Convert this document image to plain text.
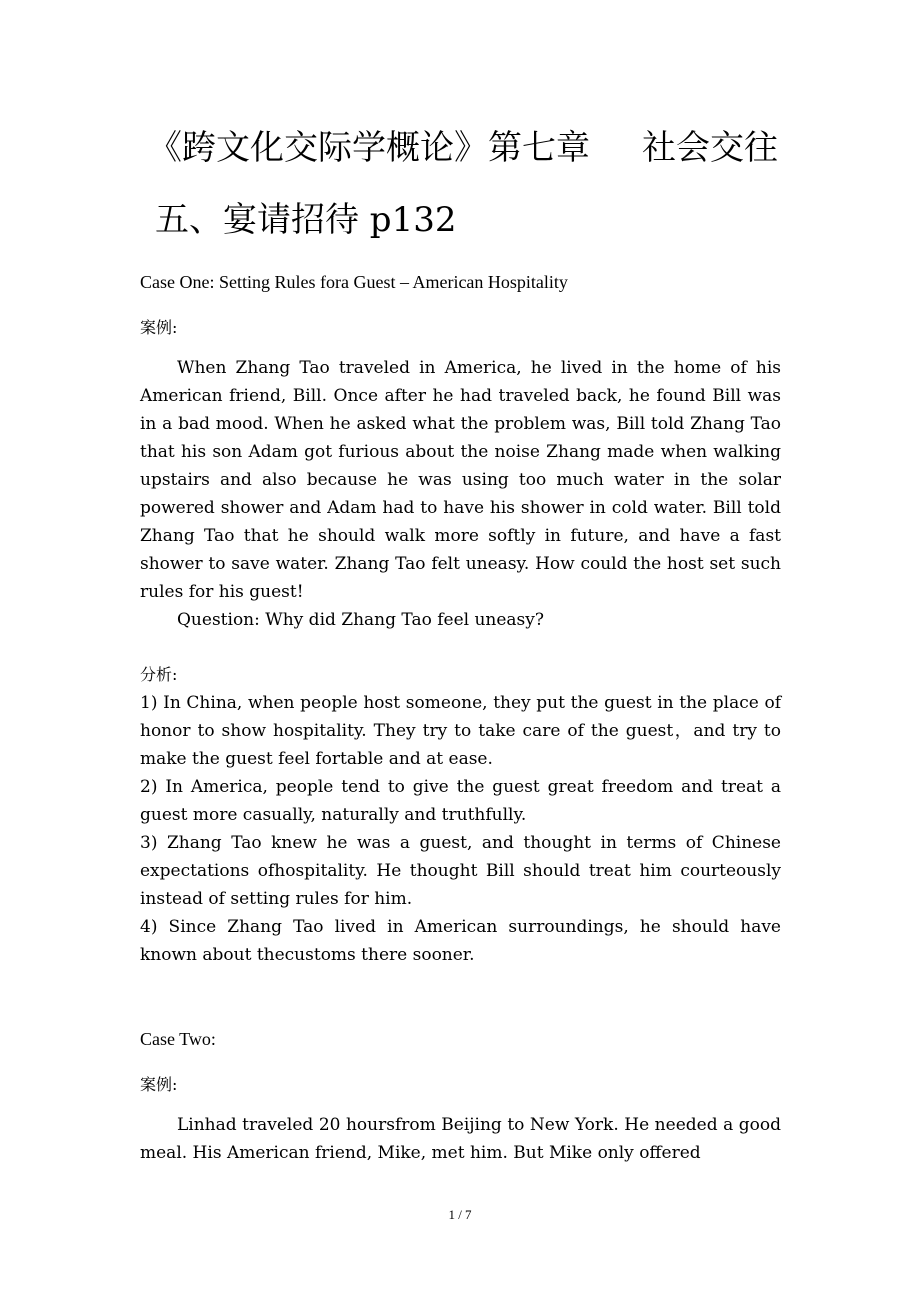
《跨文化交际学概论》第七章 社会交往
五、宴请招待 p132
Case One: Setting Rules fora Guest – American Hospitality
案例:

When Zhang Tao traveled in America, he lived in the home of his American friend, Bill. Once after he had traveled back, he found Bill was in a bad mood. When he asked what the problem was, Bill told Zhang Tao that his son Adam got furious about the noise Zhang made when walking upstairs and also because he was using too much water in the solar powered shower and Adam had to have his shower in cold water. Bill told Zhang Tao that he should walk more softly in future, and have a fast shower to save water. Zhang Tao felt uneasy. How could the host set such rules for his guest!

Question: Why did Zhang Tao feel uneasy?

分析:

1) In China, when people host someone, they put the guest in the place of honor to show hospitality. They try to take care of the guest，and try to make the guest feel fortable and at ease.

2) In America, people tend to give the guest great freedom and treat a guest more casually, naturally and truthfully.

3) Zhang Tao knew he was a guest, and thought in terms of Chinese expectations ofhospitality. He thought Bill should treat him courteously instead of setting rules for him.

4) Since Zhang Tao lived in American surroundings, he should have known about thecustoms there sooner.

Case Two:
案例:

Linhad traveled 20 hoursfrom Beijing to New York. He needed a good meal. His American friend, Mike, met him. But Mike only offered

1 / 7
